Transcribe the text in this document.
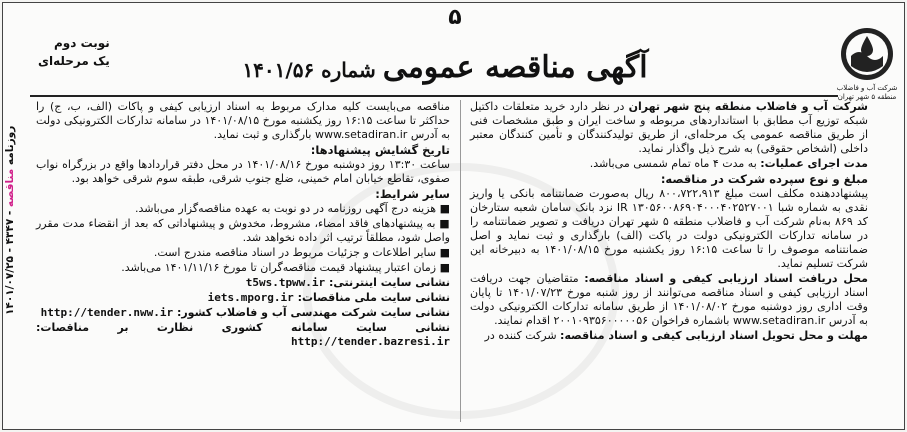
روزنامه مناقصه - ۴۳۴۷ - ۱۴۰۱/۰۷/۲۵
۵
شرکت آب و فاضلاب
منطقه ۵ شهر تهران
نوبت دوم
یک مرحله‌ای	آگهی مناقصه عمومی شماره ۱۴۰۱/۵۶

شرکت آب و فاضلاب منطقه پنج شهر تهران در نظر دارد خرید متعلقات داکتیل شبکه توزیع آب مطابق با استانداردهای مربوطه و ساخت ایران و طبق مشخصات فنی از طریق مناقصه عمومی یک مرحله‌ای، از طریق تولیدکنندگان و تأمین کنندگان معتبر داخلی (اشخاص حقوقی) به شرح ذیل واگذار نماید.

مدت اجرای عملیات: به مدت ۴ ماه تمام شمسی می‌باشد.

مبلغ و نوع سپرده شرکت در مناقصه:

پیشنهاددهنده مکلف است مبلغ ۸۰۰،۷۲۲،۹۱۳ ریال به‌صورت ضمانتنامه بانکی یا واریز نقدی به شماره شبا IR ۱۳۰۵۶۰۰۸۶۹۰۴۰۰۰۴۰۲۵۲۷۰۰۱ نزد بانک سامان شعبه ستارخان کد ۸۶۹ به‌نام شرکت آب و فاضلاب منطقه ۵ شهر تهران دریافت و تصویر ضمانتنامه را در سامانه تدارکات الکترونیکی دولت در پاکت (الف) بارگذاری و ثبت نماید و اصل ضمانتنامه موصوف را تا ساعت ۱۶:۱۵ روز یکشنبه مورخ ۱۴۰۱/۰۸/۱۵ به دبیرخانه این شرکت تسلیم نماید.

محل دریافت اسناد ارزیابی کیفی و اسناد مناقصه: متقاضیان جهت دریافت اسناد ارزیابی کیفی و اسناد مناقصه می‌توانند از روز شنبه مورخ ۱۴۰۱/۰۷/۲۳ تا پایان وقت اداری روز دوشنبه مورخ ۱۴۰۱/۰۸/۰۲ از طریق سامانه تدارکات الکترونیکی دولت به آدرس www.setadiran.ir باشماره فراخوان ۲۰۰۱۰۹۳۵۶۰۰۰۰۰۵۶ اقدام نمایند.

مهلت و محل تحویل اسناد ارزیابی کیفی و اسناد مناقصه: شرکت کننده در

مناقصه می‌بایست کلیه مدارک مربوط به اسناد ارزیابی کیفی و پاکات (الف، ب، ج) را حداکثر تا ساعت ۱۶:۱۵ روز یکشنبه مورخ ۱۴۰۱/۰۸/۱۵ در سامانه تدارکات الکترونیکی دولت به آدرس www.setadiran.ir بارگذاری و ثبت نماید.

تاریخ گشایش پیشنهادها:

ساعت ۱۳:۳۰ روز دوشنبه مورخ ۱۴۰۱/۰۸/۱۶ در محل دفتر قراردادها واقع در بزرگراه نواب صفوی، تقاطع خیابان امام خمینی، ضلع جنوب شرقی، طبقه سوم شرقی خواهد بود.

سایر شرایط:

■ هزینه درج آگهی روزنامه در دو نوبت به عهده مناقصه‌گزار می‌باشد.

■ به پیشنهادهای فاقد امضاء، مشروط، مخدوش و پیشنهاداتی که بعد از انقضاء مدت مقرر واصل شود، مطلقاً ترتیب اثر داده نخواهد شد.

■ سایر اطلاعات و جزئیات مربوط در اسناد مناقصه مندرج است.

■ زمان اعتبار پیشنهاد قیمت مناقصه‌گران تا مورخ ۱۴۰۱/۱۱/۱۶ می‌باشد.

نشانی سایت اینترنتی: t5ws.tpww.ir

نشانی سایت ملی مناقصات: iets.mporg.ir

نشانی سایت شرکت مهندسی آب و فاضلاب کشور: http://tender.nww.ir

نشانی سایت سامانه کشوری نظارت بر مناقصات: http://tender.bazresi.ir
